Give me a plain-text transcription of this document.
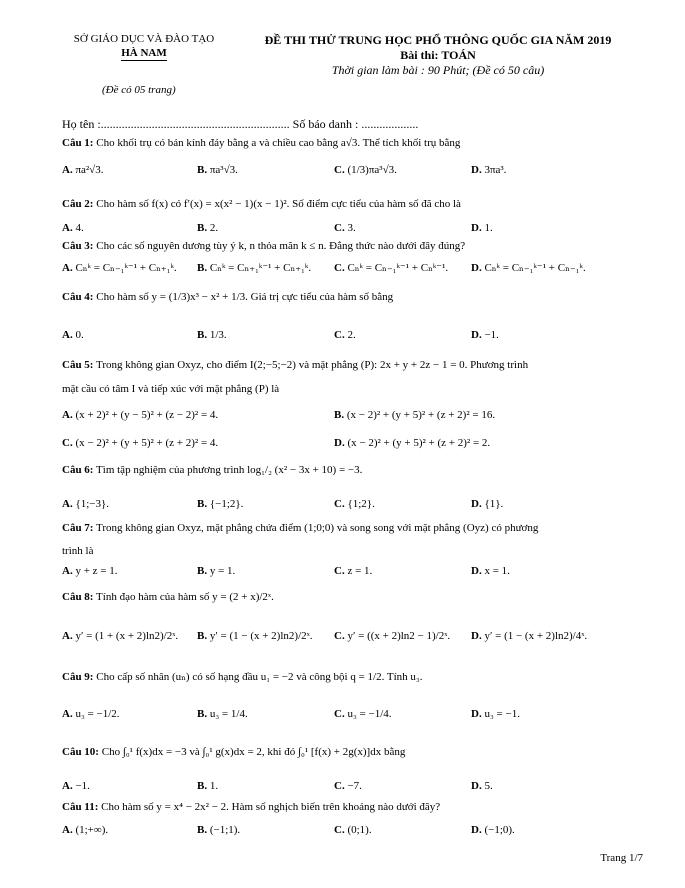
SỞ GIÁO DỤC VÀ ĐÀO TẠO
HÀ NAM
ĐỀ THI THỬ TRUNG HỌC PHỔ THÔNG QUỐC GIA NĂM 2019
Bài thi: TOÁN
Thời gian làm bài : 90 Phút; (Đề có 50 câu)
(Đề có 05 trang)
Họ tên :............................................................... Số báo danh : ...................
Câu 1: Cho khối trụ có bán kính đáy bằng a và chiều cao bằng a√3. Thể tích khối trụ bằng
A. πa²√3.	B. πa³√3.	C. (1/3)πa³√3.	D. 3πa³.
Câu 2: Cho hàm số f(x) có f′(x) = x(x² − 1)(x − 1)². Số điểm cực tiểu của hàm số đã cho là
A. 4.	B. 2.	C. 3.	D. 1.
Câu 3: Cho các số nguyên dương tùy ý k, n thỏa mãn k ≤ n. Đẳng thức nào dưới đây đúng?
A. Cₙᵏ = Cₙ₋₁ᵏ⁻¹ + Cₙ₊₁ᵏ. B. Cₙᵏ = Cₙ₊₁ᵏ⁻¹ + Cₙ₊₁ᵏ. C. Cₙᵏ = Cₙ₋₁ᵏ⁻¹ + Cₙᵏ⁻¹. D. Cₙᵏ = Cₙ₋₁ᵏ⁻¹ + Cₙ₋₁ᵏ.
Câu 4: Cho hàm số y = (1/3)x³ − x² + 1/3. Giá trị cực tiểu của hàm số bằng
A. 0.	B. 1/3.	C. 2.	D. −1.
Câu 5: Trong không gian Oxyz, cho điểm I(2;−5;−2) và mặt phẳng (P): 2x + y + 2z − 1 = 0. Phương trình
mặt cầu có tâm I và tiếp xúc với mặt phẳng (P) là
A. (x + 2)² + (y − 5)² + (z − 2)² = 4.	B. (x − 2)² + (y + 5)² + (z + 2)² = 16.
C. (x − 2)² + (y + 5)² + (z + 2)² = 4.	D. (x − 2)² + (y + 5)² + (z + 2)² = 2.
Câu 6: Tìm tập nghiệm của phương trình log₁/₂ (x² − 3x + 10) = −3.
A. {1;−3}.	B. {−1;2}.	C. {1;2}.	D. {1}.
Câu 7: Trong không gian Oxyz, mặt phẳng chứa điểm (1;0;0) và song song với mặt phẳng (Oyz) có phương
trình là
A. y + z = 1.	B. y = 1.	C. z = 1.	D. x = 1.
Câu 8: Tính đạo hàm của hàm số y = (2 + x)/2ˣ.
A. y′ = (1 + (x + 2)ln2)/2ˣ. B. y′ = (1 − (x + 2)ln2)/2ˣ. C. y′ = ((x + 2)ln2 − 1)/2ˣ. D. y′ = (1 − (x + 2)ln2)/4ˣ.
Câu 9: Cho cấp số nhân (uₙ) có số hạng đầu u₁ = −2 và công bội q = 1/2. Tính u₃.
A. u₃ = −1/2.	B. u₃ = 1/4.	C. u₃ = −1/4.	D. u₃ = −1.
Câu 10: Cho ∫₀¹ f(x)dx = −3 và ∫₀¹ g(x)dx = 2, khi đó ∫₀¹ [f(x) + 2g(x)]dx bằng
A. −1.	B. 1.	C. −7.	D. 5.
Câu 11: Cho hàm số y = x⁴ − 2x² − 2. Hàm số nghịch biến trên khoảng nào dưới đây?
A. (1;+∞).	B. (−1;1).	C. (0;1).	D. (−1;0).
Trang 1/7
